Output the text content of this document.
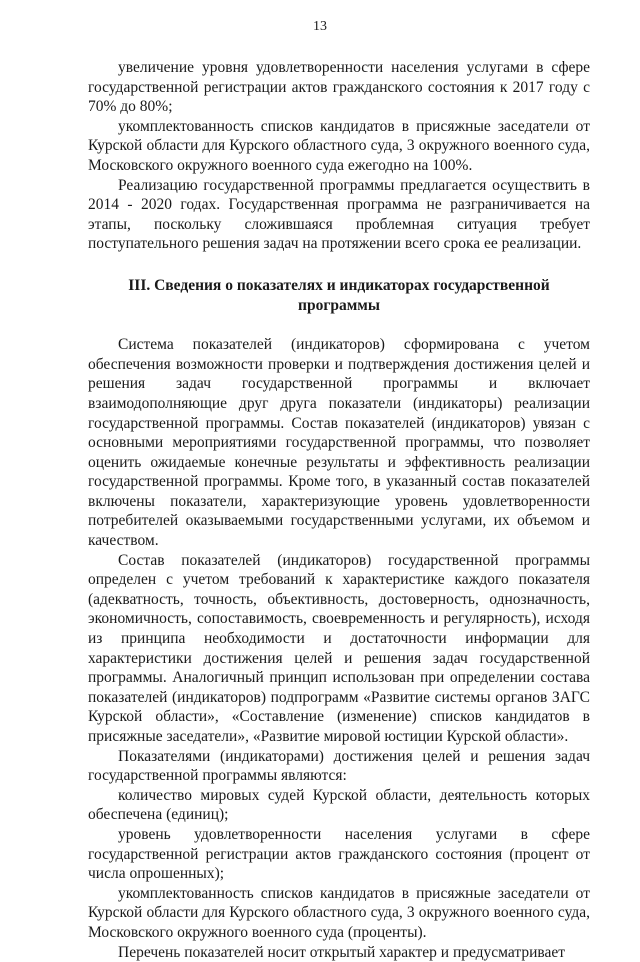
13

увеличение уровня удовлетворенности населения услугами в сфере государственной регистрации актов гражданского состояния к 2017 году с 70% до 80%;

укомплектованность списков кандидатов в присяжные заседатели от Курской области для Курского областного суда, 3 окружного военного суда, Московского окружного военного суда ежегодно на 100%.

Реализацию государственной программы предлагается осуществить в 2014 - 2020 годах. Государственная программа не разграничивается на этапы, поскольку сложившаяся проблемная ситуация требует поступательного решения задач на протяжении всего срока ее реализации.

III. Сведения о показателях и индикаторах государственной программы

Система показателей (индикаторов) сформирована с учетом обеспечения возможности проверки и подтверждения достижения целей и решения задач государственной программы и включает взаимодополняющие друг друга показатели (индикаторы) реализации государственной программы. Состав показателей (индикаторов) увязан с основными мероприятиями государственной программы, что позволяет оценить ожидаемые конечные результаты и эффективность реализации государственной программы. Кроме того, в указанный состав показателей включены показатели, характеризующие уровень удовлетворенности потребителей оказываемыми государственными услугами, их объемом и качеством.

Состав показателей (индикаторов) государственной программы определен с учетом требований к характеристике каждого показателя (адекватность, точность, объективность, достоверность, однозначность, экономичность, сопоставимость, своевременность и регулярность), исходя из принципа необходимости и достаточности информации для характеристики достижения целей и решения задач государственной программы. Аналогичный принцип использован при определении состава показателей (индикаторов) подпрограмм «Развитие системы органов ЗАГС Курской области», «Составление (изменение) списков кандидатов в присяжные заседатели», «Развитие мировой юстиции Курской области».

Показателями (индикаторами) достижения целей и решения задач государственной программы являются:

количество мировых судей Курской области, деятельность которых обеспечена (единиц);

уровень удовлетворенности населения услугами в сфере государственной регистрации актов гражданского состояния (процент от числа опрошенных);

укомплектованность списков кандидатов в присяжные заседатели от Курской области для Курского областного суда, 3 окружного военного суда, Московского окружного военного суда (проценты).

Перечень показателей носит открытый характер и предусматривает
